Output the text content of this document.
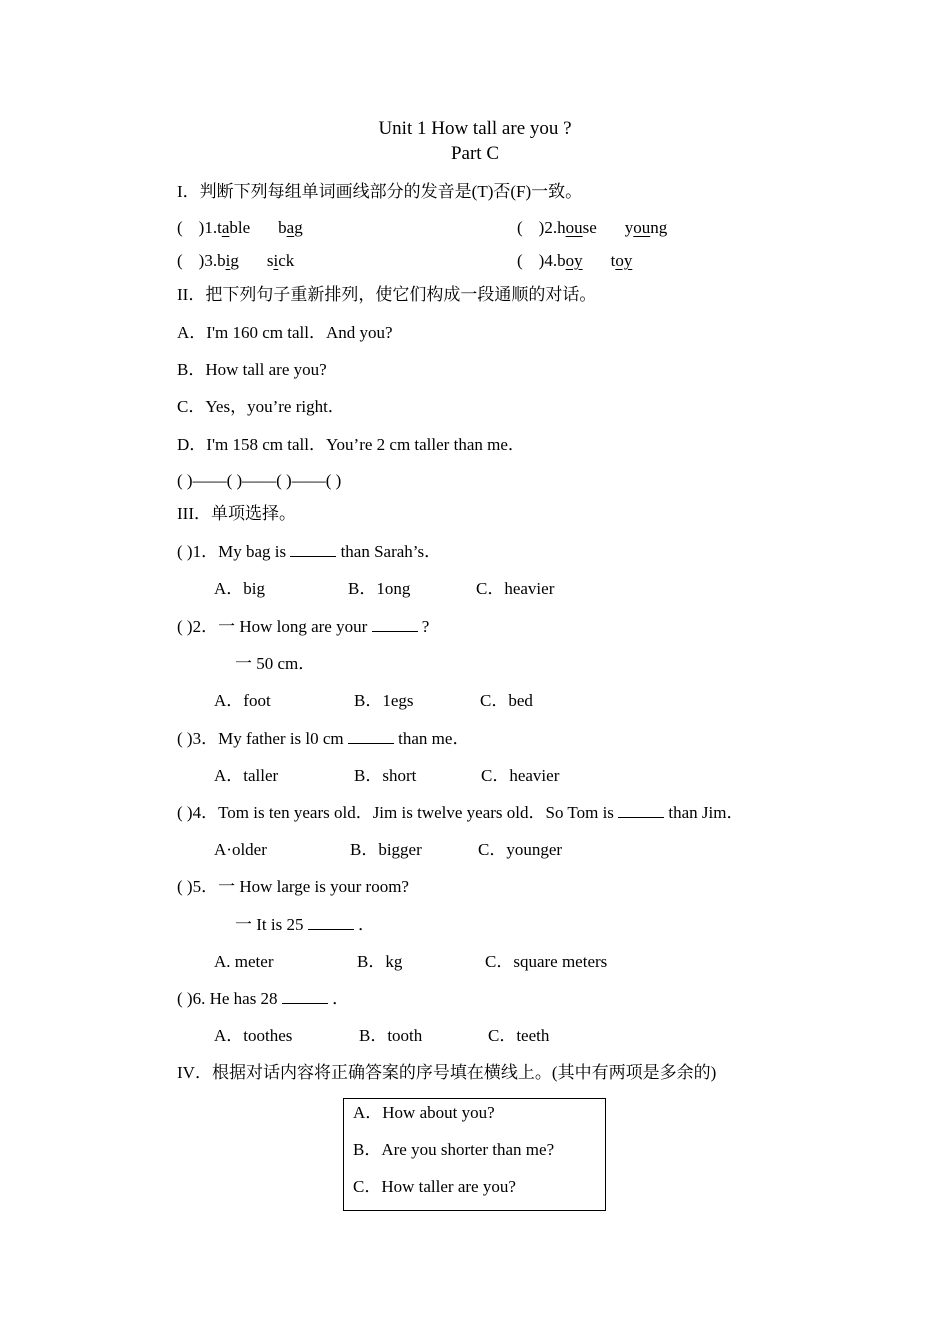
Unit 1 How tall are you ?
Part C
I．判断下列每组单词画线部分的发音是(T)否(F)一致。
( )1.table bag	( )2.house young
( )3.big sick	( )4.boy toy
II．把下列句子重新排列，使它们构成一段通顺的对话。
A．I'm 160 cm tall．And you?
B．How tall are you?
C．Yes，you’re right．
D．I'm 158 cm tall．You’re 2 cm taller than me．
( )——( )——( )——( )
III．单项选择。
( )1．My bag is	than Sarah’s．
A．big	B．1ong	C．heavier
( )2．一 How long are your	?
一 50 cm．
A．foot	B．1egs	C．bed
( )3．My father is l0 cm	than me．
A．taller	B．short	C．heavier
( )4．Tom is ten years old．Jim is twelve years old．So Tom is	than Jim．
A·older	B．bigger	C．younger
( )5．一 How large is your room?
一 It is 25	．
A. meter	B．kg	C．square meters
( )6. He has 28	．
A．toothes	B．tooth	C．teeth
IV．根据对话内容将正确答案的序号填在横线上。(其中有两项是多余的)
A．How about you?
B．Are you shorter than me?
C．How taller are you?
